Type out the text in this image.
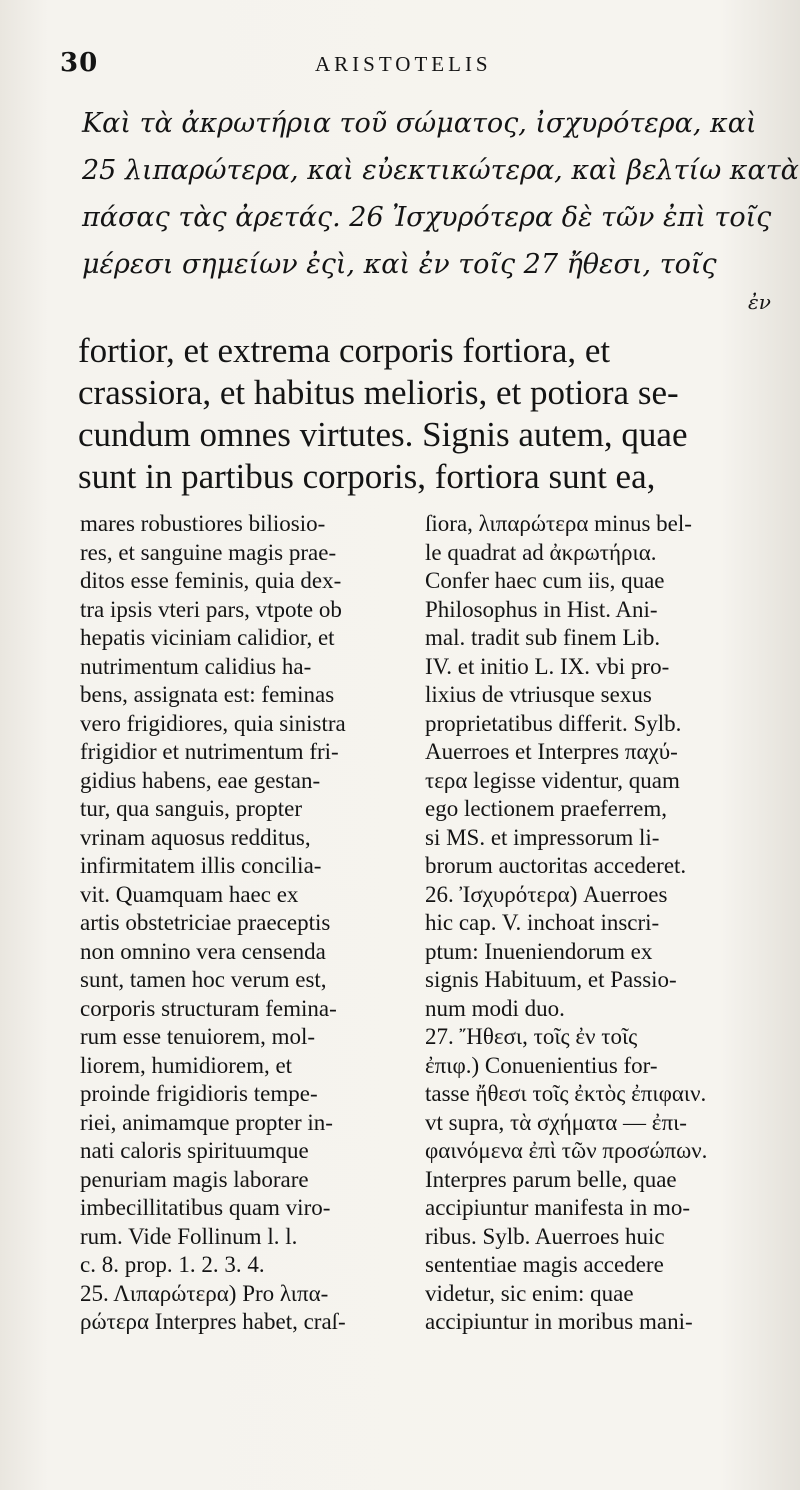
30	ARISTOTELIS
Καὶ τὰ ἀκρωτήρια τοῦ σώματος, ἰσχυρότερα, καὶ
25 λιπαρώτερα, καὶ εὐεκτικώτερα, καὶ βελτίω κατὰ
πάσας τὰς ἀρετάς. 26 Ἰσχυρότερα δὲ τῶν ἐπὶ τοῖς
μέρεσι σημείων ἐςὶ, καὶ ἐν τοῖς 27 ἤθεσι, τοῖς
ἐν
fortior, et extrema corporis fortiora, et
crassiora, et habitus melioris, et potiora se-
cundum omnes virtutes. Signis autem, quae
sunt in partibus corporis, fortiora sunt ea,
mares robustiores biliosio-
res, et sanguine magis prae-
ditos esse feminis, quia dex-
tra ipsis vteri pars, vtpote ob
hepatis viciniam calidior, et
nutrimentum calidius ha-
bens, assignata est: feminas
vero frigidiores, quia sinistra
frigidior et nutrimentum fri-
gidius habens, eae gestan-
tur, qua sanguis, propter
vrinam aquosus redditus,
infirmitatem illis concilia-
vit. Quamquam haec ex
artis obstetriciae praeceptis
non omnino vera censenda
sunt, tamen hoc verum est,
corporis structuram femina-
rum esse tenuiorem, mol-
liorem, humidiorem, et
proinde frigidioris tempe-
riei, animamque propter in-
nati caloris spirituumque
penuriam magis laborare
imbecillitatibus quam viro-
rum. Vide Follinum l. l.
c. 8. prop. 1. 2. 3. 4.
25. Λιπαρώτερα) Pro λιπα-
ρώτερα Interpres habet, craſ-
ſiora, λιπαρώτερα minus bel-
le quadrat ad ἀκρωτήρια.
Confer haec cum iis, quae
Philosophus in Hist. Ani-
mal. tradit sub finem Lib.
IV. et initio L. IX. vbi pro-
lixius de vtriusque sexus
proprietatibus differit. Sylb.
Auerroes et Interpres παχύ-
τερα legisse videntur, quam
ego lectionem praeferrem,
si MS. et impressorum li-
brorum auctoritas accederet.
26. Ἰσχυρότερα) Auerroes
hic cap. V. inchoat inscri-
ptum: Inueniendorum ex
signis Habituum, et Passio-
num modi duo.
27. Ἤθεσι, τοῖς ἐν τοῖς
ἐπιφ.) Conuenientius for-
tasse ἤθεσι τοῖς ἐκτὸς ἐπιφαιν.
vt supra, τὰ σχήματα — ἐπι-
φαινόμενα ἐπὶ τῶν προσώπων.
Interpres parum belle, quae
accipiuntur manifesta in mo-
ribus. Sylb. Auerroes huic
sententiae magis accedere
videtur, sic enim: quae
accipiuntur in moribus mani-
